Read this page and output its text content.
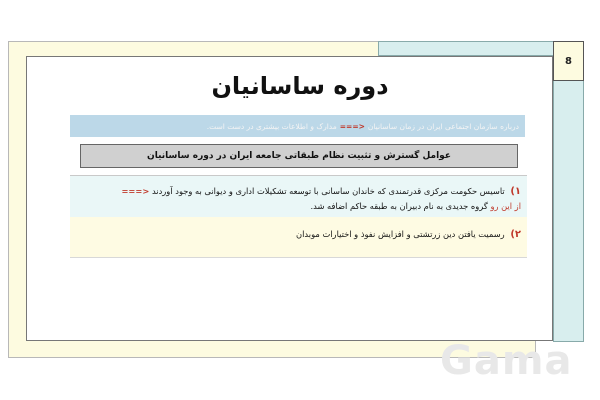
8
دوره ساسانیان
درباره سازمان اجتماعی ایران در زمان ساسانیان
<===
مدارک و اطلاعات بیشتری در دست است.
عوامل گسترش و تثبیت نظام طبقاتی جامعه ایران در دوره ساسانیان
۱) تاسیس حکومت مرکزی قدرتمندی که خاندان ساسانی با توسعه تشکیلات اداری و دیوانی به وجود آوردند <===
از این رو گروه جدیدی به نام دبیران به طبقه حاکم اضافه شد.
۲) رسمیت یافتن دین زرتشتی و افزایش نفوذ و اختیارات موبدان
Gama
